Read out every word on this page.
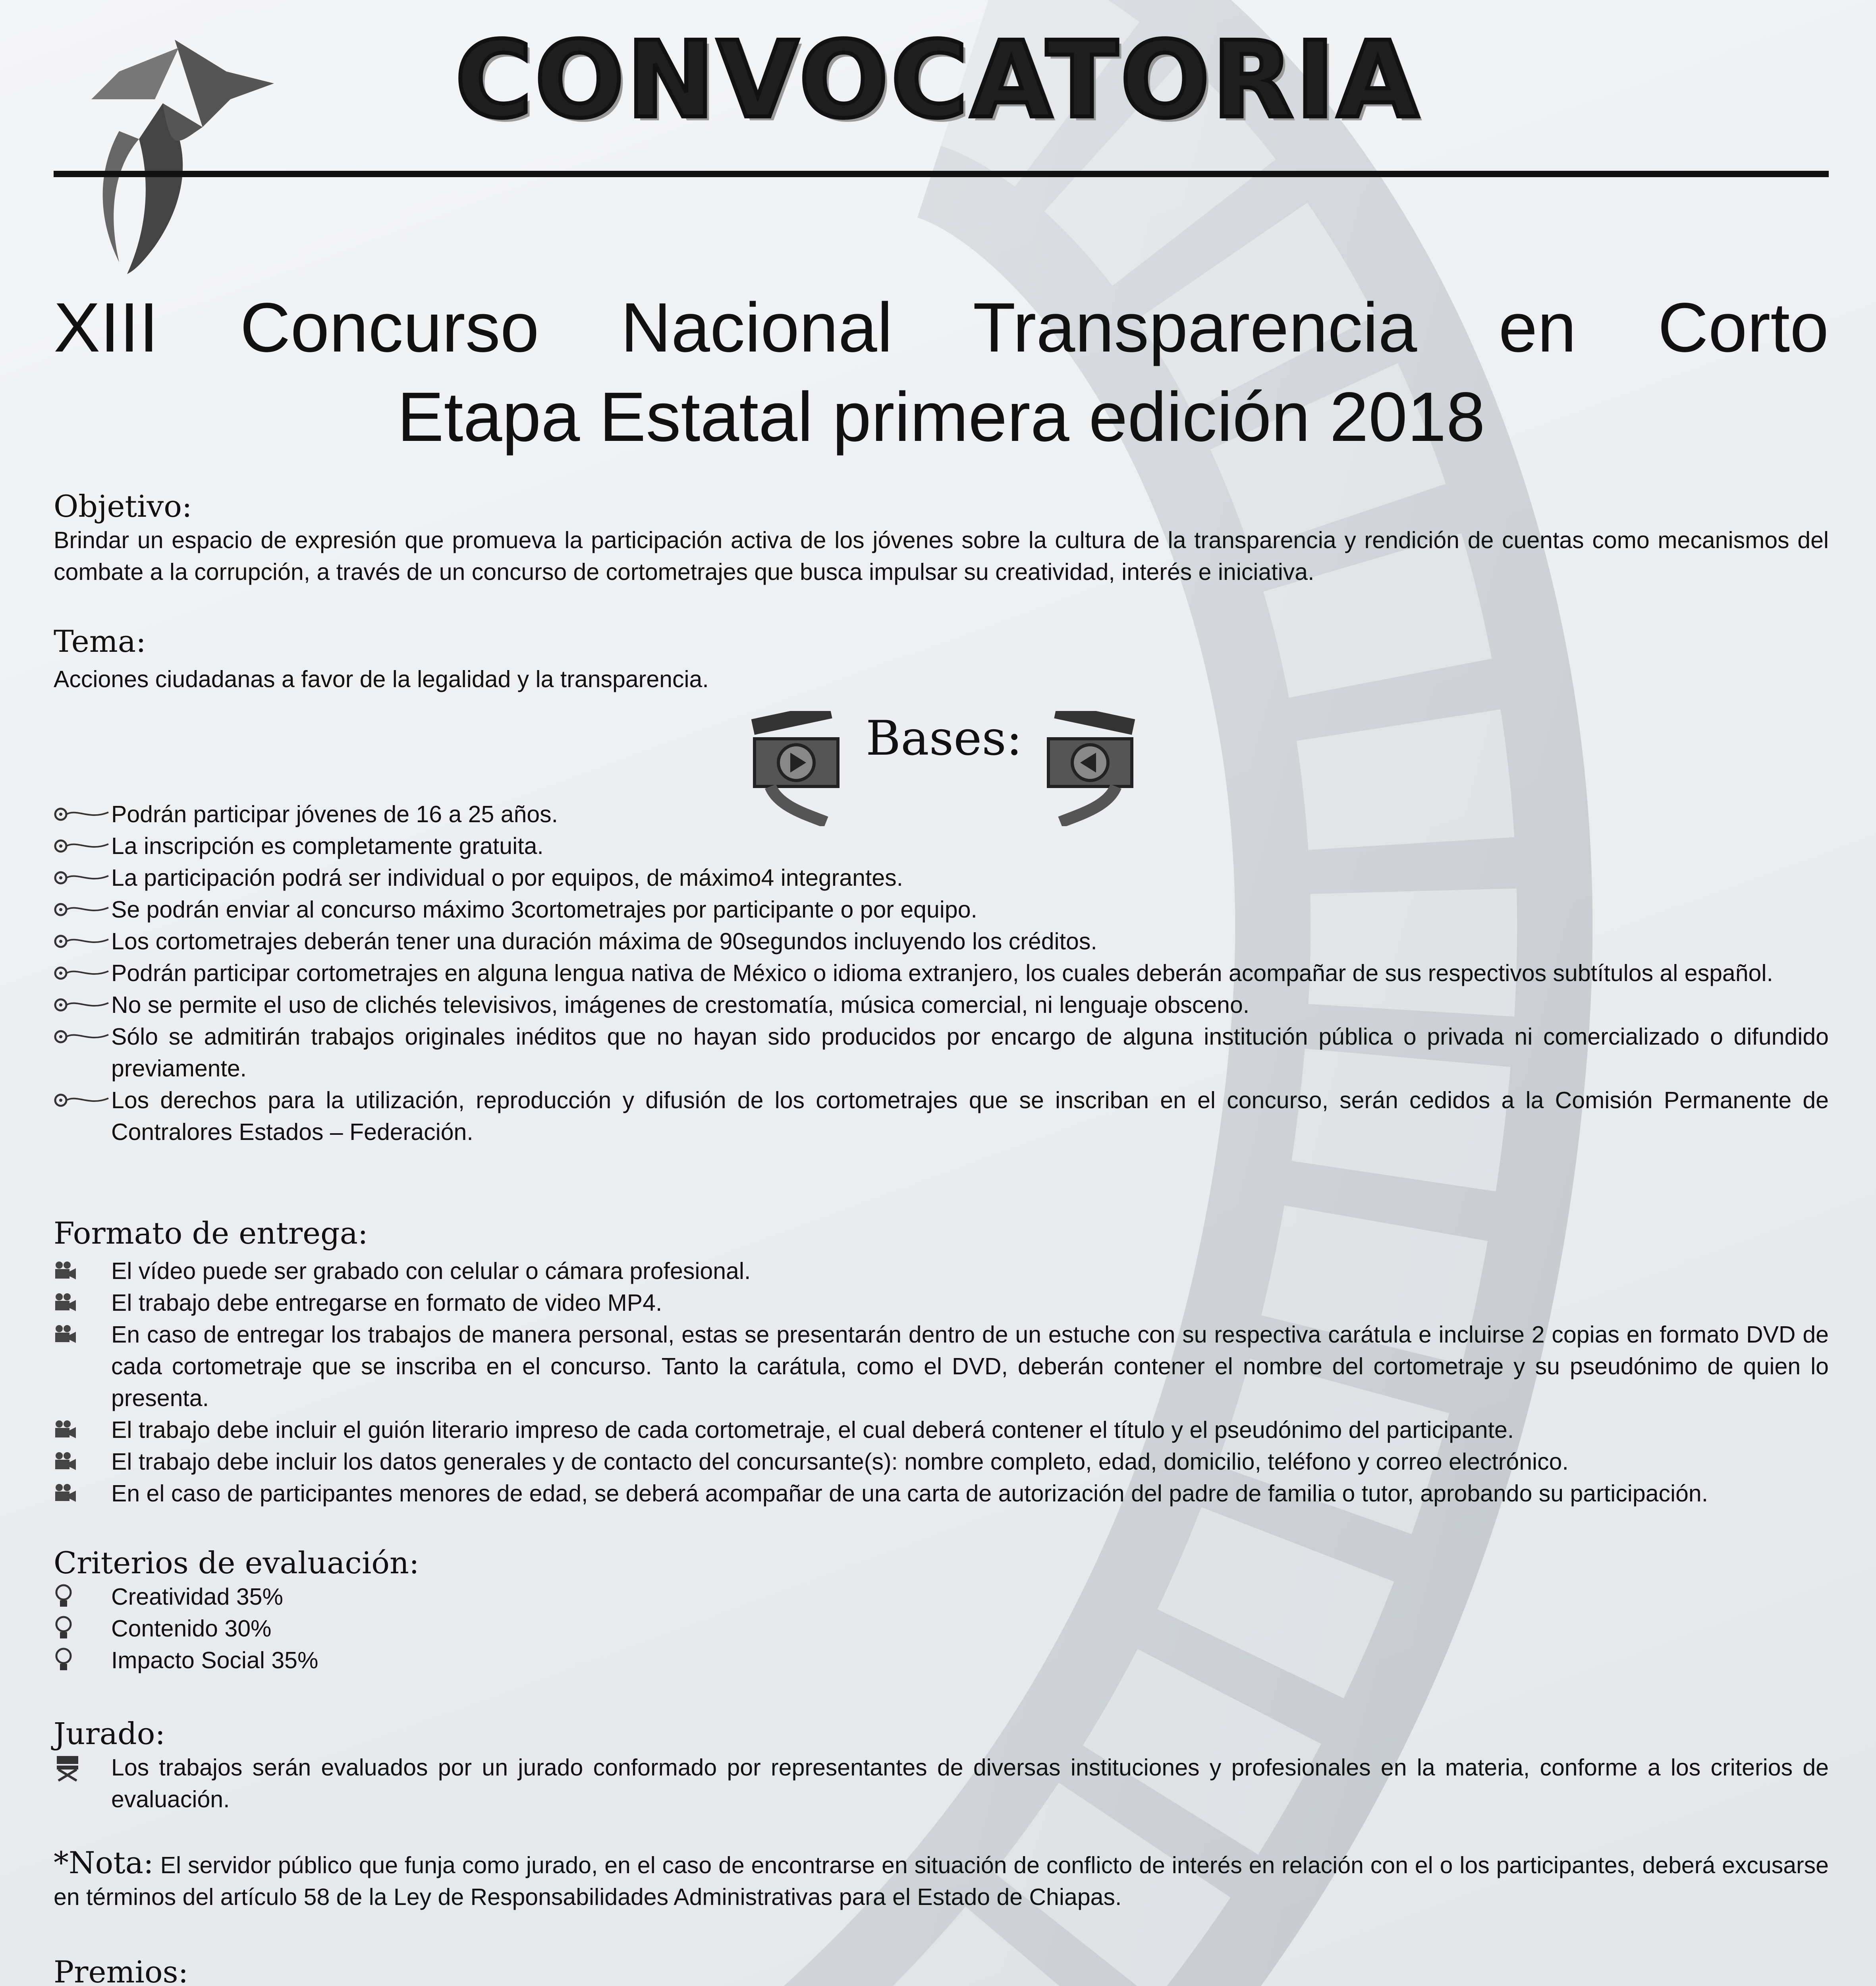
CONVOCATORIA
XIII Concurso Nacional Transparencia en Corto
Etapa Estatal primera edición 2018
Objetivo:
Brindar un espacio de expresión que promueva la participación activa de los jóvenes sobre la cultura de la transparencia y rendición de cuentas como mecanismos del combate a la corrupción, a través de un concurso de cortometrajes que busca impulsar su creatividad, interés e iniciativa.
Tema:
Acciones ciudadanas a favor de la legalidad y la transparencia.
Bases:
Podrán participar jóvenes de 16 a 25 años.
La inscripción es completamente gratuita.
La participación podrá ser individual o por equipos, de máximo4 integrantes.
Se podrán enviar al concurso máximo 3cortometrajes por participante o por equipo.
Los cortometrajes deberán tener una duración máxima de 90segundos incluyendo los créditos.
Podrán participar cortometrajes en alguna lengua nativa de México o idioma extranjero, los cuales deberán acompañar de sus respectivos subtítulos al español.
No se permite el uso de clichés televisivos, imágenes de crestomatía, música comercial, ni lenguaje obsceno.
Sólo se admitirán trabajos originales inéditos que no hayan sido producidos por encargo de alguna institución pública o privada ni comercializado o difundido previamente.
Los derechos para la utilización, reproducción y difusión de los cortometrajes que se inscriban en el concurso, serán cedidos a la Comisión Permanente de Contralores Estados – Federación.
Formato de entrega:
El vídeo puede ser grabado con celular o cámara profesional.
El trabajo debe entregarse en formato de video MP4.
En caso de entregar los trabajos de manera personal, estas se presentarán dentro de un estuche con su respectiva carátula e incluirse 2 copias en formato DVD de cada cortometraje que se inscriba en el concurso. Tanto la carátula, como el DVD, deberán contener el nombre del cortometraje y su pseudónimo de quien lo presenta.
El trabajo debe incluir el guión literario impreso de cada cortometraje, el cual deberá contener el título y el pseudónimo del participante.
El trabajo debe incluir los datos generales y de contacto del concursante(s): nombre completo, edad, domicilio, teléfono y correo electrónico.
En el caso de participantes menores de edad, se deberá acompañar de una carta de autorización del padre de familia o tutor, aprobando su participación.
Criterios de evaluación:
Creatividad 35%
Contenido 30%
Impacto Social 35%
Jurado:
Los trabajos serán evaluados por un jurado conformado por representantes de diversas instituciones y profesionales en la materia, conforme a los criterios de evaluación.
*Nota: El servidor público que funja como jurado, en el caso de encontrarse en situación de conflicto de interés en relación con el o los participantes, deberá excusarse en términos del artículo 58 de la Ley de Responsabilidades Administrativas para el Estado de Chiapas.
Premios:
